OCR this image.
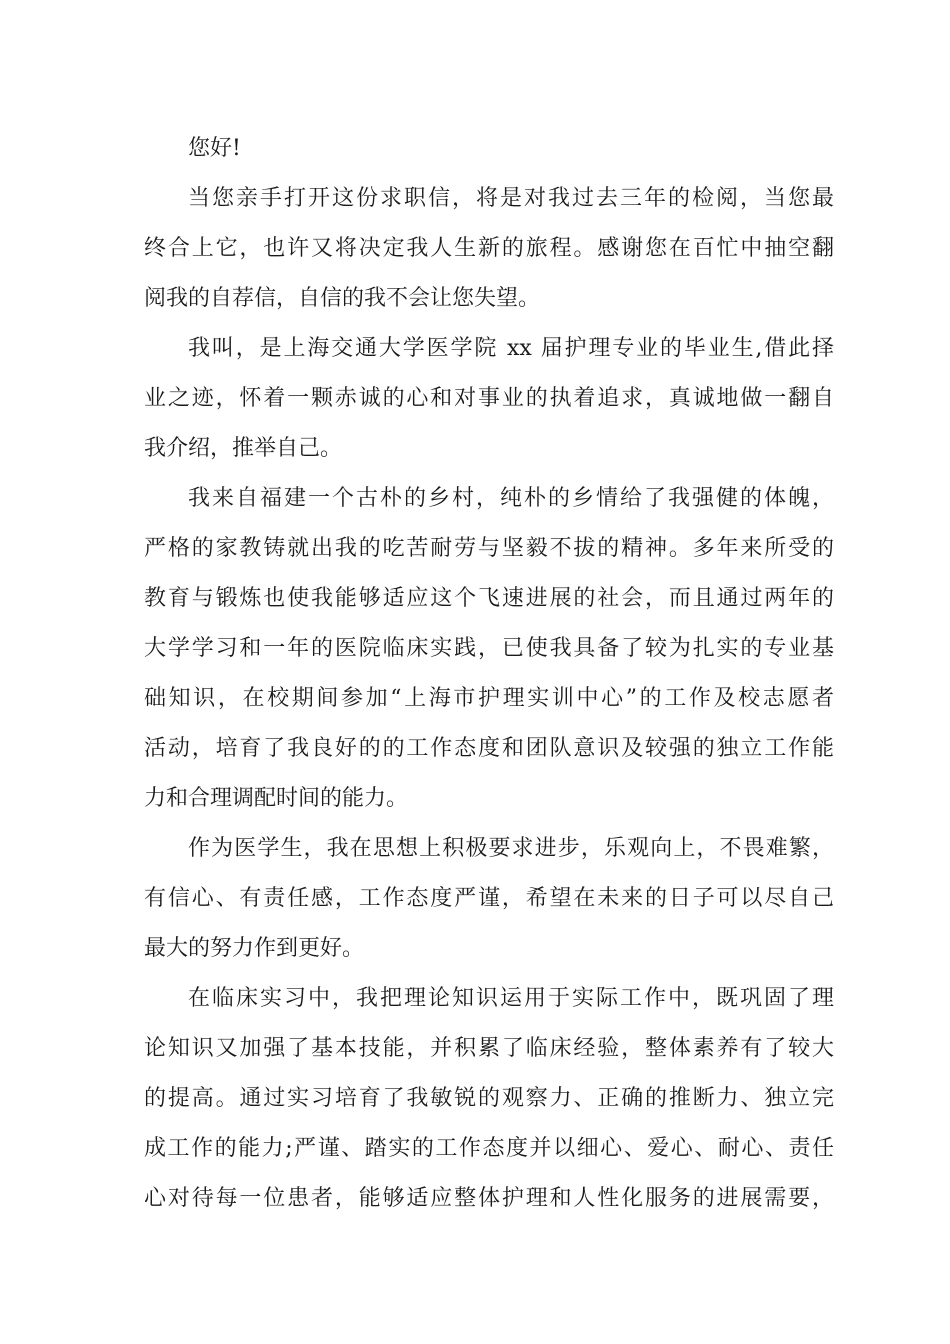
您好!
当您亲手打开这份求职信，将是对我过去三年的检阅，当您最
终合上它，也许又将决定我人生新的旅程。感谢您在百忙中抽空翻
阅我的自荐信，自信的我不会让您失望。
我叫，是上海交通大学医学院 xx 届护理专业的毕业生,借此择
业之迹，怀着一颗赤诚的心和对事业的执着追求，真诚地做一翻自
我介绍，推举自己。
我来自福建一个古朴的乡村，纯朴的乡情给了我强健的体魄，
严格的家教铸就出我的吃苦耐劳与坚毅不拔的精神。多年来所受的
教育与锻炼也使我能够适应这个飞速进展的社会，而且通过两年的
大学学习和一年的医院临床实践，已使我具备了较为扎实的专业基
础知识，在校期间参加“上海市护理实训中心”的工作及校志愿者
活动，培育了我良好的的工作态度和团队意识及较强的独立工作能
力和合理调配时间的能力。
作为医学生，我在思想上积极要求进步，乐观向上，不畏难繁，
有信心、有责任感，工作态度严谨，希望在未来的日子可以尽自己
最大的努力作到更好。
在临床实习中，我把理论知识运用于实际工作中，既巩固了理
论知识又加强了基本技能，并积累了临床经验，整体素养有了较大
的提高。通过实习培育了我敏锐的观察力、正确的推断力、独立完
成工作的能力;严谨、踏实的工作态度并以细心、爱心、耐心、责任
心对待每一位患者，能够适应整体护理和人性化服务的进展需要，
